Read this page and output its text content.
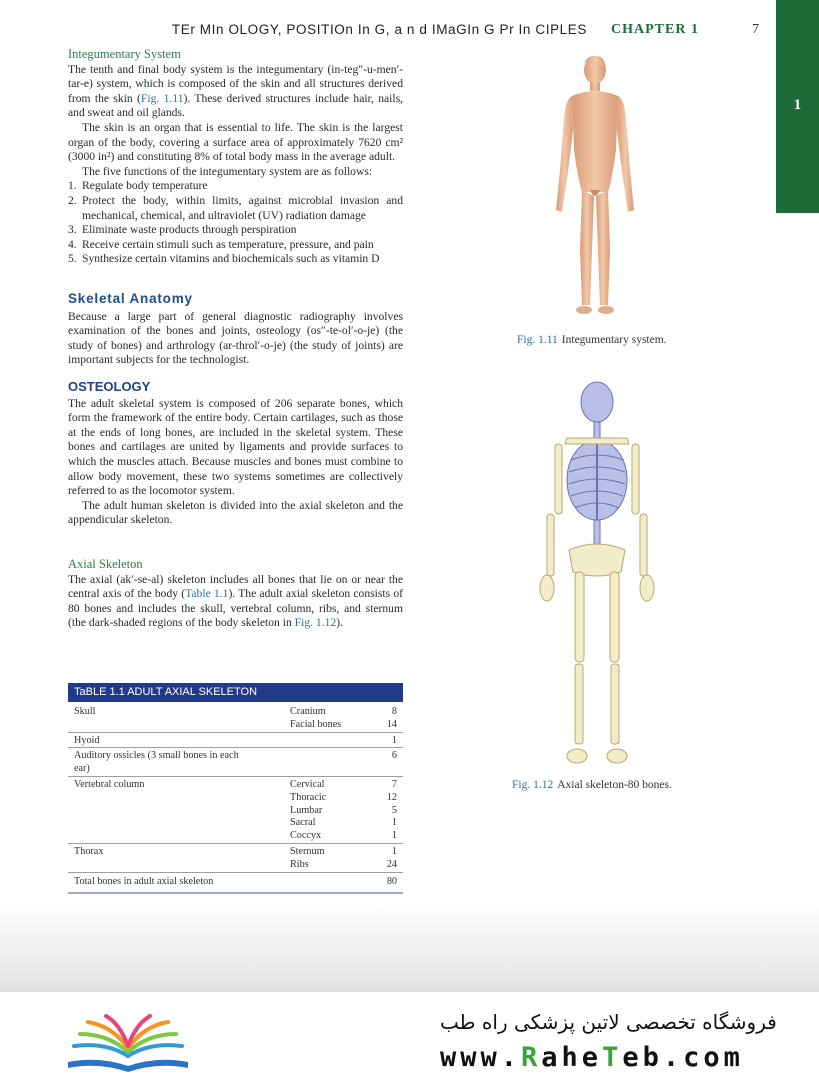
TEr MIn OLOGY, POSITIOn In G, a n d IMaGIn G Pr In CIPLES CHAPTER 1	7
1
Integumentary System

The tenth and final body system is the integumentary (in-teg″-u-men′-tar-e) system, which is composed of the skin and all structures derived from the skin (Fig. 1.11). These derived structures include hair, nails, and sweat and oil glands.

The skin is an organ that is essential to life. The skin is the largest organ of the body, covering a surface area of approximately 7620 cm² (3000 in²) and constituting 8% of total body mass in the average adult.

The five functions of the integumentary system are as follows:

1. Regulate body temperature
2. Protect the body, within limits, against microbial invasion and mechanical, chemical, and ultraviolet (UV) radiation damage
3. Eliminate waste products through perspiration
4. Receive certain stimuli such as temperature, pressure, and pain
5. Synthesize certain vitamins and biochemicals such as vitamin D
Skeletal Anatomy

Because a large part of general diagnostic radiography involves examination of the bones and joints, osteology (os″-te-ol′-o-je) (the study of bones) and arthrology (ar-throl′-o-je) (the study of joints) are important subjects for the technologist.

OSTEOLOGY

The adult skeletal system is composed of 206 separate bones, which form the framework of the entire body. Certain cartilages, such as those at the ends of long bones, are included in the skeletal system. These bones and cartilages are united by ligaments and provide surfaces to which the muscles attach. Because muscles and bones must combine to allow body movement, these two systems sometimes are collectively referred to as the locomotor system.

The adult human skeleton is divided into the axial skeleton and the appendicular skeleton.

Axial Skeleton

The axial (ak′-se-al) skeleton includes all bones that lie on or near the central axis of the body (Table 1.1). The adult axial skeleton consists of 80 bones and includes the skull, vertebral column, ribs, and sternum (the dark-shaded regions of the body skeleton in Fig. 1.12).

TaBLE 1.1 ADULT AXIAL SKELETON

Skull	Cranium	8
	Facial bones	14
Hyoid		1
Auditory ossicles (3 small bones in each ear)		6
Vertebral column	Cervical	7
	Thoracic	12
	Lumbar	5
	Sacral	1
	Coccyx	1
Thorax	Sternum	1
	Ribs	24
Total bones in adult axial skeleton		80
Fig. 1.11 Integumentary system.
Fig. 1.12 Axial skeleton-80 bones.
فروشگاه تخصصی لاتین پزشکی راه طب
www.RaheTeb.com
